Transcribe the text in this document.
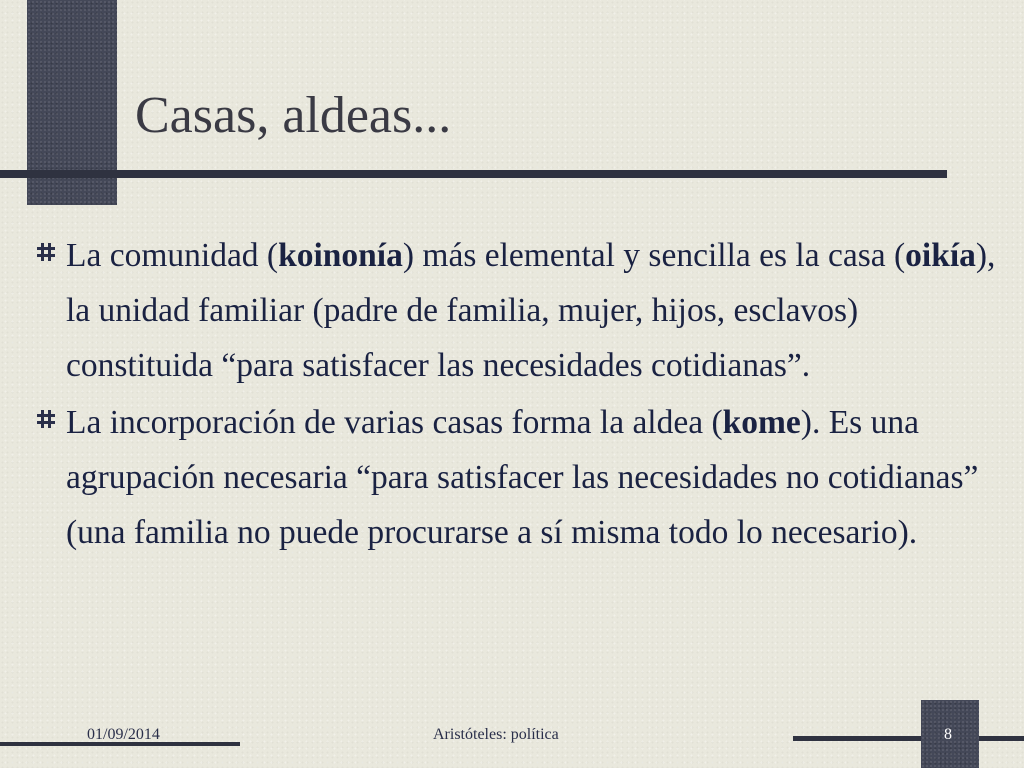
Casas, aldeas...
La comunidad (koinonía) más elemental y sencilla es la casa (oikía), la unidad familiar (padre de familia, mujer, hijos, esclavos) constituida “para satisfacer las necesidades cotidianas”.
La incorporación de varias casas forma la aldea (kome). Es una agrupación necesaria “para satisfacer las necesidades no cotidianas” (una familia no puede procurarse a sí misma todo lo necesario).
01/09/2014	Aristóteles: política	8
